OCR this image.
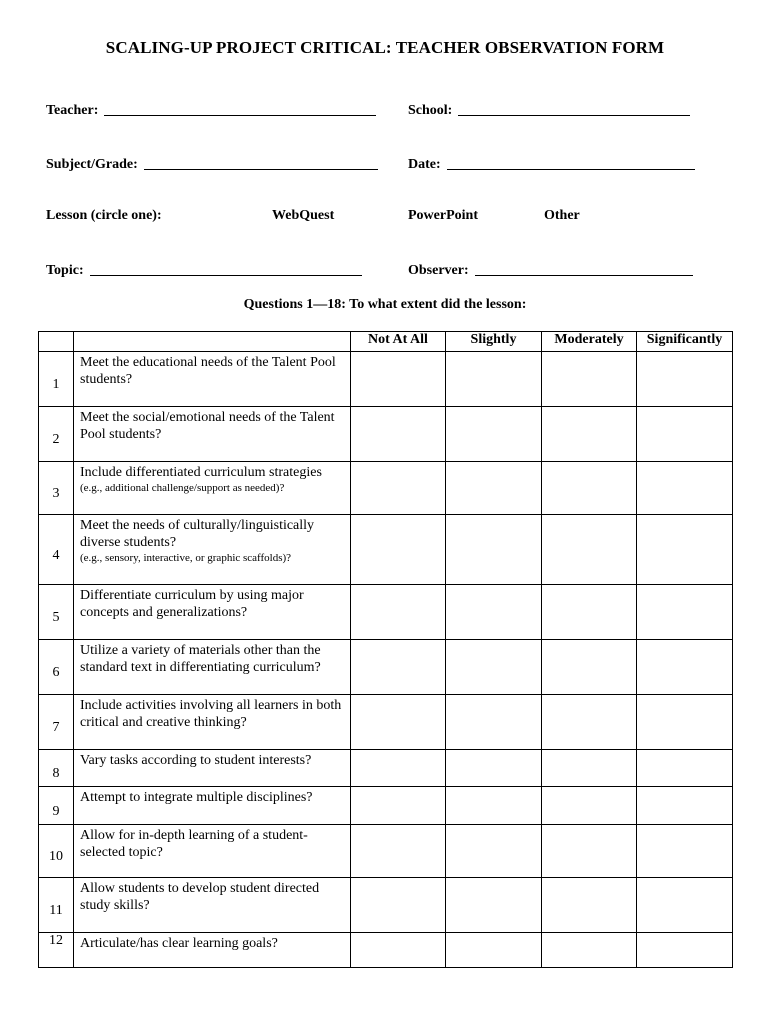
SCALING-UP PROJECT CRITICAL: TEACHER OBSERVATION FORM
Teacher:	School:
Subject/Grade:	Date:
Lesson (circle one):	WebQuest	PowerPoint	Other
Topic:	Observer:
Questions 1—18: To what extent did the lesson:
		Not At All	Slightly	Moderately	Significantly
1	Meet the educational needs of the Talent Pool students?

2	Meet the social/emotional needs of the Talent Pool students?

3	Include differentiated curriculum strategies
(e.g., additional challenge/support as needed)?				

4	Meet the needs of culturally/linguistically diverse students?
(e.g., sensory, interactive, or graphic scaffolds)?				

5	Differentiate curriculum by using major concepts and generalizations?

6	Utilize a variety of materials other than the standard text in differentiating curriculum?

7	Include activities involving all learners in both critical and creative thinking?

8	Vary tasks according to student interests?

9	Attempt to integrate multiple disciplines?

10	Allow for in-depth learning of a student-selected topic?

11	Allow students to develop student directed study skills?

12	Articulate/has clear learning goals?
